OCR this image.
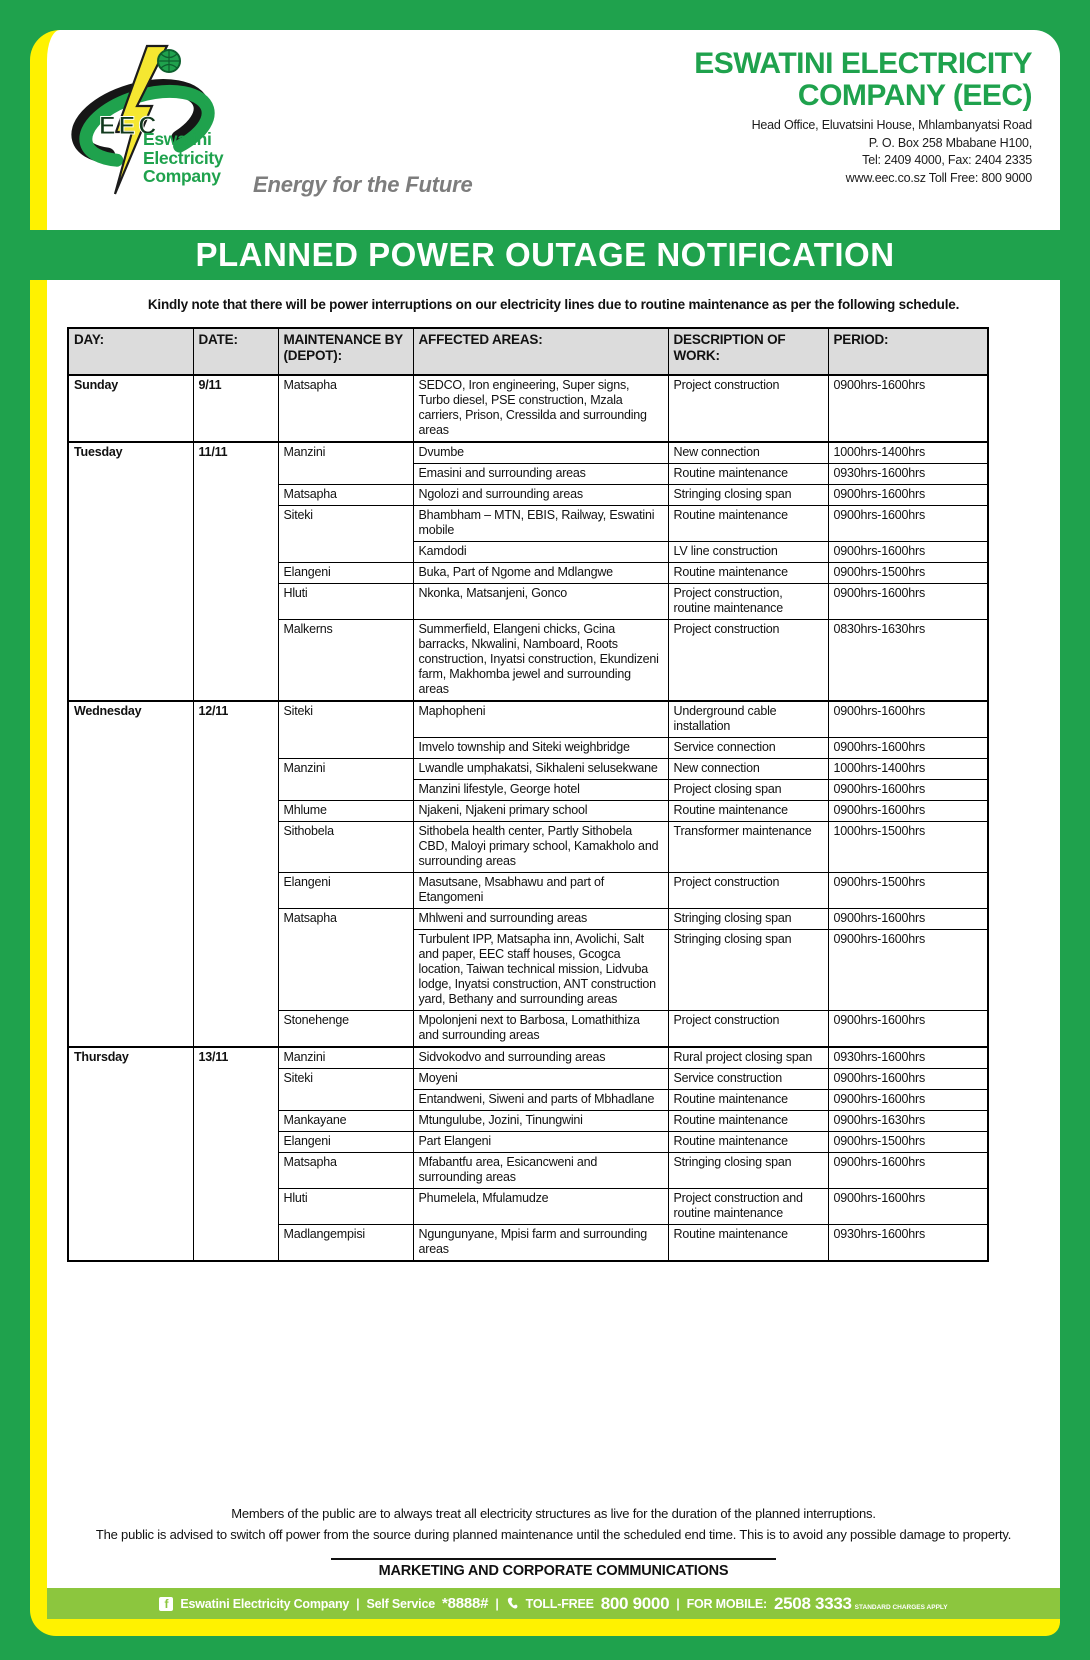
EEC
Eswatini
Electricity
Company Energy for the Future
ESWATINI ELECTRICITY
COMPANY (EEC)
Head Office, Eluvatsini House, Mhlambanyatsi Road
P. O. Box 258 Mbabane H100,
Tel: 2409 4000, Fax: 2404 2335
www.eec.co.sz Toll Free: 800 9000
PLANNED POWER OUTAGE NOTIFICATION
Kindly note that there will be power interruptions on our electricity lines due to routine maintenance as per the following schedule.
DAY:	DATE:	MAINTENANCE BY (DEPOT):	AFFECTED AREAS:	DESCRIPTION OF WORK:	PERIOD:
Sunday	9/11	Matsapha	SEDCO, Iron engineering, Super signs, Turbo diesel, PSE construction, Mzala carriers, Prison, Cressilda and surrounding areas	Project construction	0900hrs-1600hrs
Tuesday	11/11	Manzini	Dvumbe	New connection	1000hrs-1400hrs
			Emasini and surrounding areas	Routine maintenance	0930hrs-1600hrs
		Matsapha	Ngolozi and surrounding areas	Stringing closing span	0900hrs-1600hrs
		Siteki	Bhambham – MTN, EBIS, Railway, Eswatini mobile	Routine maintenance	0900hrs-1600hrs
			Kamdodi	LV line construction	0900hrs-1600hrs
		Elangeni	Buka, Part of Ngome and Mdlangwe	Routine maintenance	0900hrs-1500hrs
		Hluti	Nkonka, Matsanjeni, Gonco	Project construction, routine maintenance	0900hrs-1600hrs
		Malkerns	Summerfield, Elangeni chicks, Gcina barracks, Nkwalini, Namboard, Roots construction, Inyatsi construction, Ekundizeni farm, Makhomba jewel and surrounding areas	Project construction	0830hrs-1630hrs
Wednesday	12/11	Siteki	Maphopheni	Underground cable installation	0900hrs-1600hrs
			Imvelo township and Siteki weighbridge	Service connection	0900hrs-1600hrs
		Manzini	Lwandle umphakatsi, Sikhaleni selusekwane	New connection	1000hrs-1400hrs
			Manzini lifestyle, George hotel	Project closing span	0900hrs-1600hrs
		Mhlume	Njakeni, Njakeni primary school	Routine maintenance	0900hrs-1600hrs
		Sithobela	Sithobela health center, Partly Sithobela CBD, Maloyi primary school, Kamakholo and surrounding areas	Transformer maintenance	1000hrs-1500hrs
		Elangeni	Masutsane, Msabhawu and part of Etangomeni	Project construction	0900hrs-1500hrs
		Matsapha	Mhlweni and surrounding areas	Stringing closing span	0900hrs-1600hrs
			Turbulent IPP, Matsapha inn, Avolichi, Salt and paper, EEC staff houses, Gcogca location, Taiwan technical mission, Lidvuba lodge, Inyatsi construction, ANT construction yard, Bethany and surrounding areas	Stringing closing span	0900hrs-1600hrs
		Stonehenge	Mpolonjeni next to Barbosa, Lomathithiza and surrounding areas	Project construction	0900hrs-1600hrs
Thursday	13/11	Manzini	Sidvokodvo and surrounding areas	Rural project closing span	0930hrs-1600hrs
		Siteki	Moyeni	Service construction	0900hrs-1600hrs
			Entandweni, Siweni and parts of Mbhadlane	Routine maintenance	0900hrs-1600hrs
		Mankayane	Mtungulube, Jozini, Tinungwini	Routine maintenance	0900hrs-1630hrs
		Elangeni	Part Elangeni	Routine maintenance	0900hrs-1500hrs
		Matsapha	Mfabantfu area, Esicancweni and surrounding areas	Stringing closing span	0900hrs-1600hrs
		Hluti	Phumelela, Mfulamudze	Project construction and routine maintenance	0900hrs-1600hrs
		Madlangempisi	Ngungunyane, Mpisi farm and surrounding areas	Routine maintenance	0930hrs-1600hrs
Members of the public are to always treat all electricity structures as live for the duration of the planned interruptions.
The public is advised to switch off power from the source during planned maintenance until the scheduled end time. This is to avoid any possible damage to property.
MARKETING AND CORPORATE COMMUNICATIONS
f Eswatini Electricity Company | Self Service *8888# | TOLL-FREE 800 9000 | FOR MOBILE: 2508 3333 STANDARD CHARGES APPLY
